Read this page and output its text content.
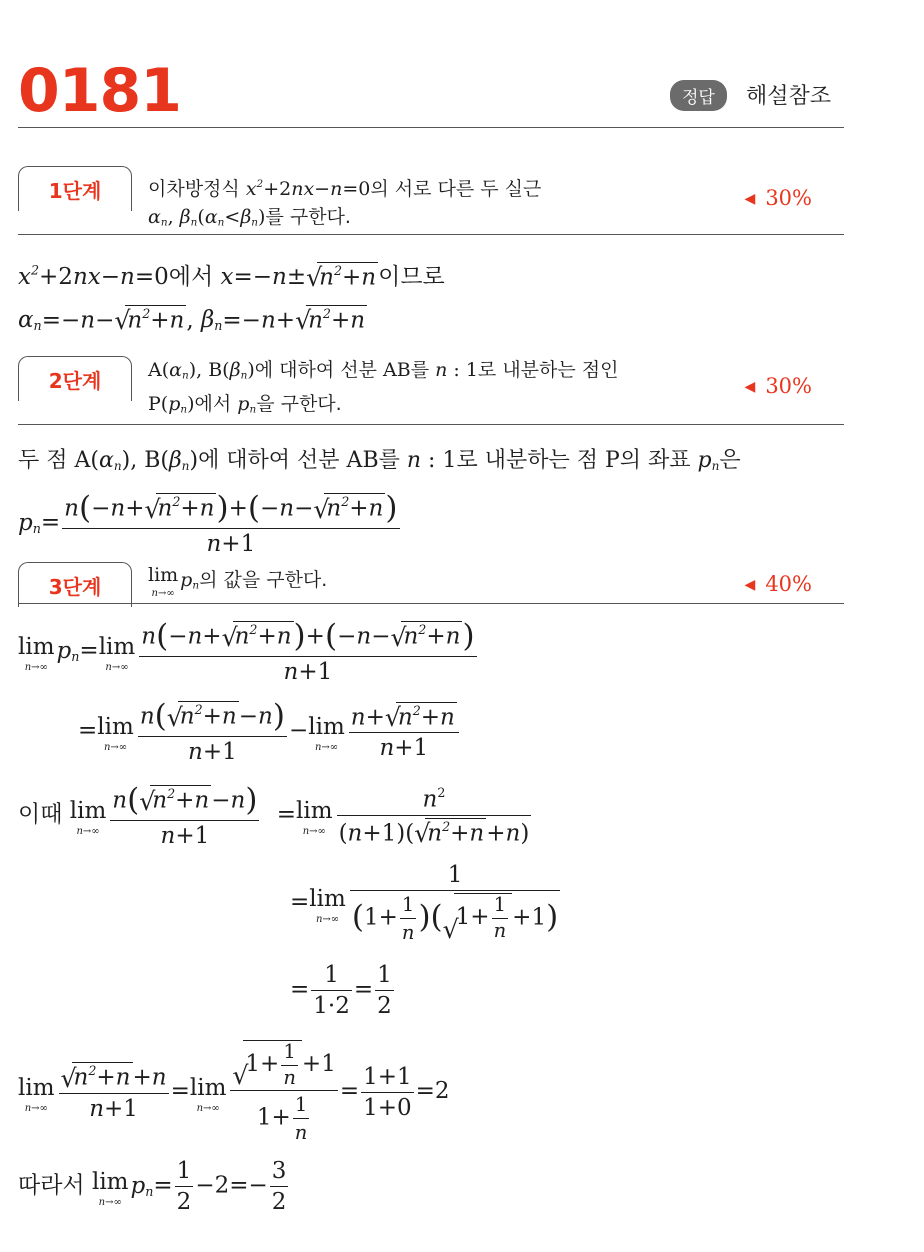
0181	정답	해설참조
1단계	이차방정식 $x^2+2nx-n=0$의 서로 다른 두 실근
$\alpha_n$, $\beta_n(\alpha_n<\beta_n)$를 구한다.
◀ 30%
$x^2+2nx-n=0$에서 x=−n± √
$n^2+n$이므로
$\alpha_n=-n-$ √
$n^2+n$, $\beta_n=-n+$ √
$n^2+n$
2단계	$A(\alpha_n)$, $B(\beta_n)$에 대하여 선분 AB를 n : 1로 내분하는 점인
$P(p_n)$에서 $p_n$을 구한다.
◀ 30%
두 점 $A(\alpha_n)$, $B(\beta_n)$에 대하여 선분 AB를 n : 1로 내분하는 점 P의 좌표 $p_n$은
$p_n= n(-n+$ √
$n^2+n)+(-n-$ √
$n^2+n$)
n+1
3단계	lim
n→∞
$p_n$의 값을 구한다.	◀ 40%
lim
n→∞
$p_n= \lim$
n→∞ n(−n+ √
$n^2+n)+(-n-$ √
$n^2+n$)
n+1
= lim
n→∞ n( √
$n^2+n-n$)
n+1 − lim
n→∞ n+ √
$n^2+n$
n+1
이때 lim
n→∞ n( √
$n^2+n-n$)
n+1 = lim
n→∞ $n^2$
(n+1)( √
$n^2+n+n$)
= lim
n→∞ 1
($1+ \frac{1}{n}$ )( √
$1+ \frac{1}{n} +1$)
= $\frac{1}{1\cdot 2} = \frac{1}{2}$
lim
n→∞ √
$n^2+n+n$
n+1 = lim
n→∞ √
$1+ \frac{1}{n} +1$
$1+ \frac{1}{n} = \frac{1+1}{1+0} =2$
따라서 lim
n→∞
$p_n= \frac{1}{2} -2=- \frac{3}{2}$
